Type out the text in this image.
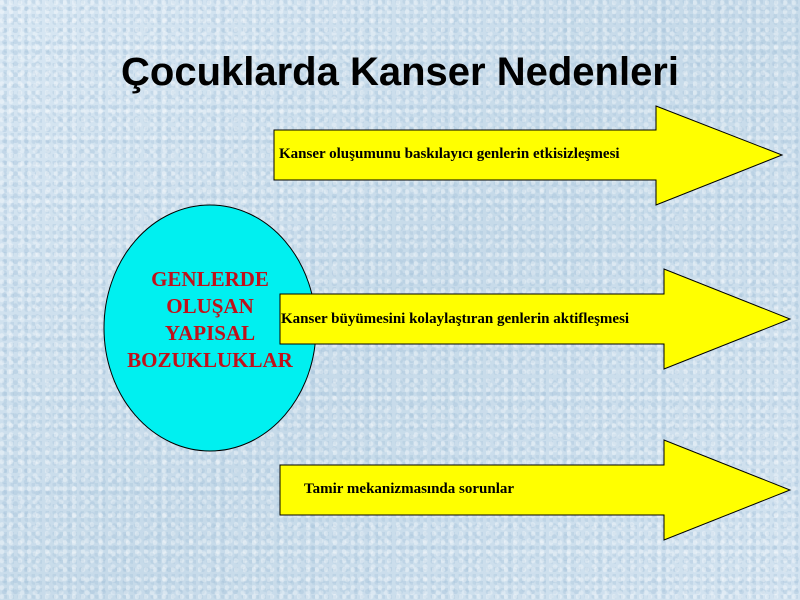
Çocuklarda Kanser Nedenleri
GENLERDE
OLUŞAN
YAPISAL
BOZUKLUKLAR
Kanser oluşumunu baskılayıcı genlerin etkisizleşmesi
Kanser büyümesini kolaylaştıran genlerin aktifleşmesi
Tamir mekanizmasında sorunlar
